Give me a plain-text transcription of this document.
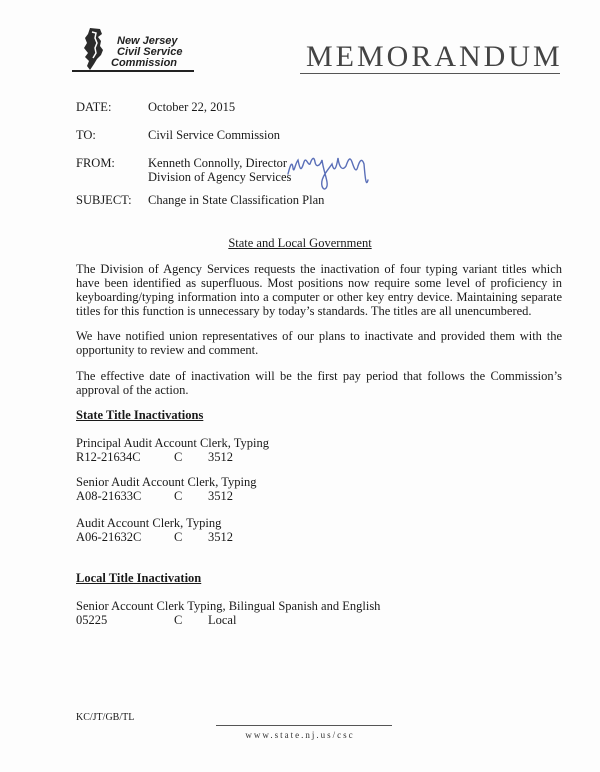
New Jersey
Civil Service
Commission	MEMORANDUM
DATE:	October 22, 2015
TO:	Civil Service Commission
FROM:	Kenneth Connolly, Director
Division of Agency Services
SUBJECT: Change in State Classification Plan
State and Local Government

The Division of Agency Services requests the inactivation of four typing variant titles which have been identified as superfluous. Most positions now require some level of proficiency in keyboarding/typing information into a computer or other key entry device. Maintaining separate titles for this function is unnecessary by today’s standards. The titles are all unencumbered.

We have notified union representatives of our plans to inactivate and provided them with the opportunity to review and comment.

The effective date of inactivation will be the first pay period that follows the Commission’s approval of the action.

State Title Inactivations
Principal Audit Account Clerk, Typing
R12-21634C	C 3512
Senior Audit Account Clerk, Typing
A08-21633C	C 3512
Audit Account Clerk, Typing
A06-21632C	C 3512
Local Title Inactivation
Senior Account Clerk Typing, Bilingual Spanish and English
05225	C Local
KC/JT/GB/TL
www.state.nj.us/csc
